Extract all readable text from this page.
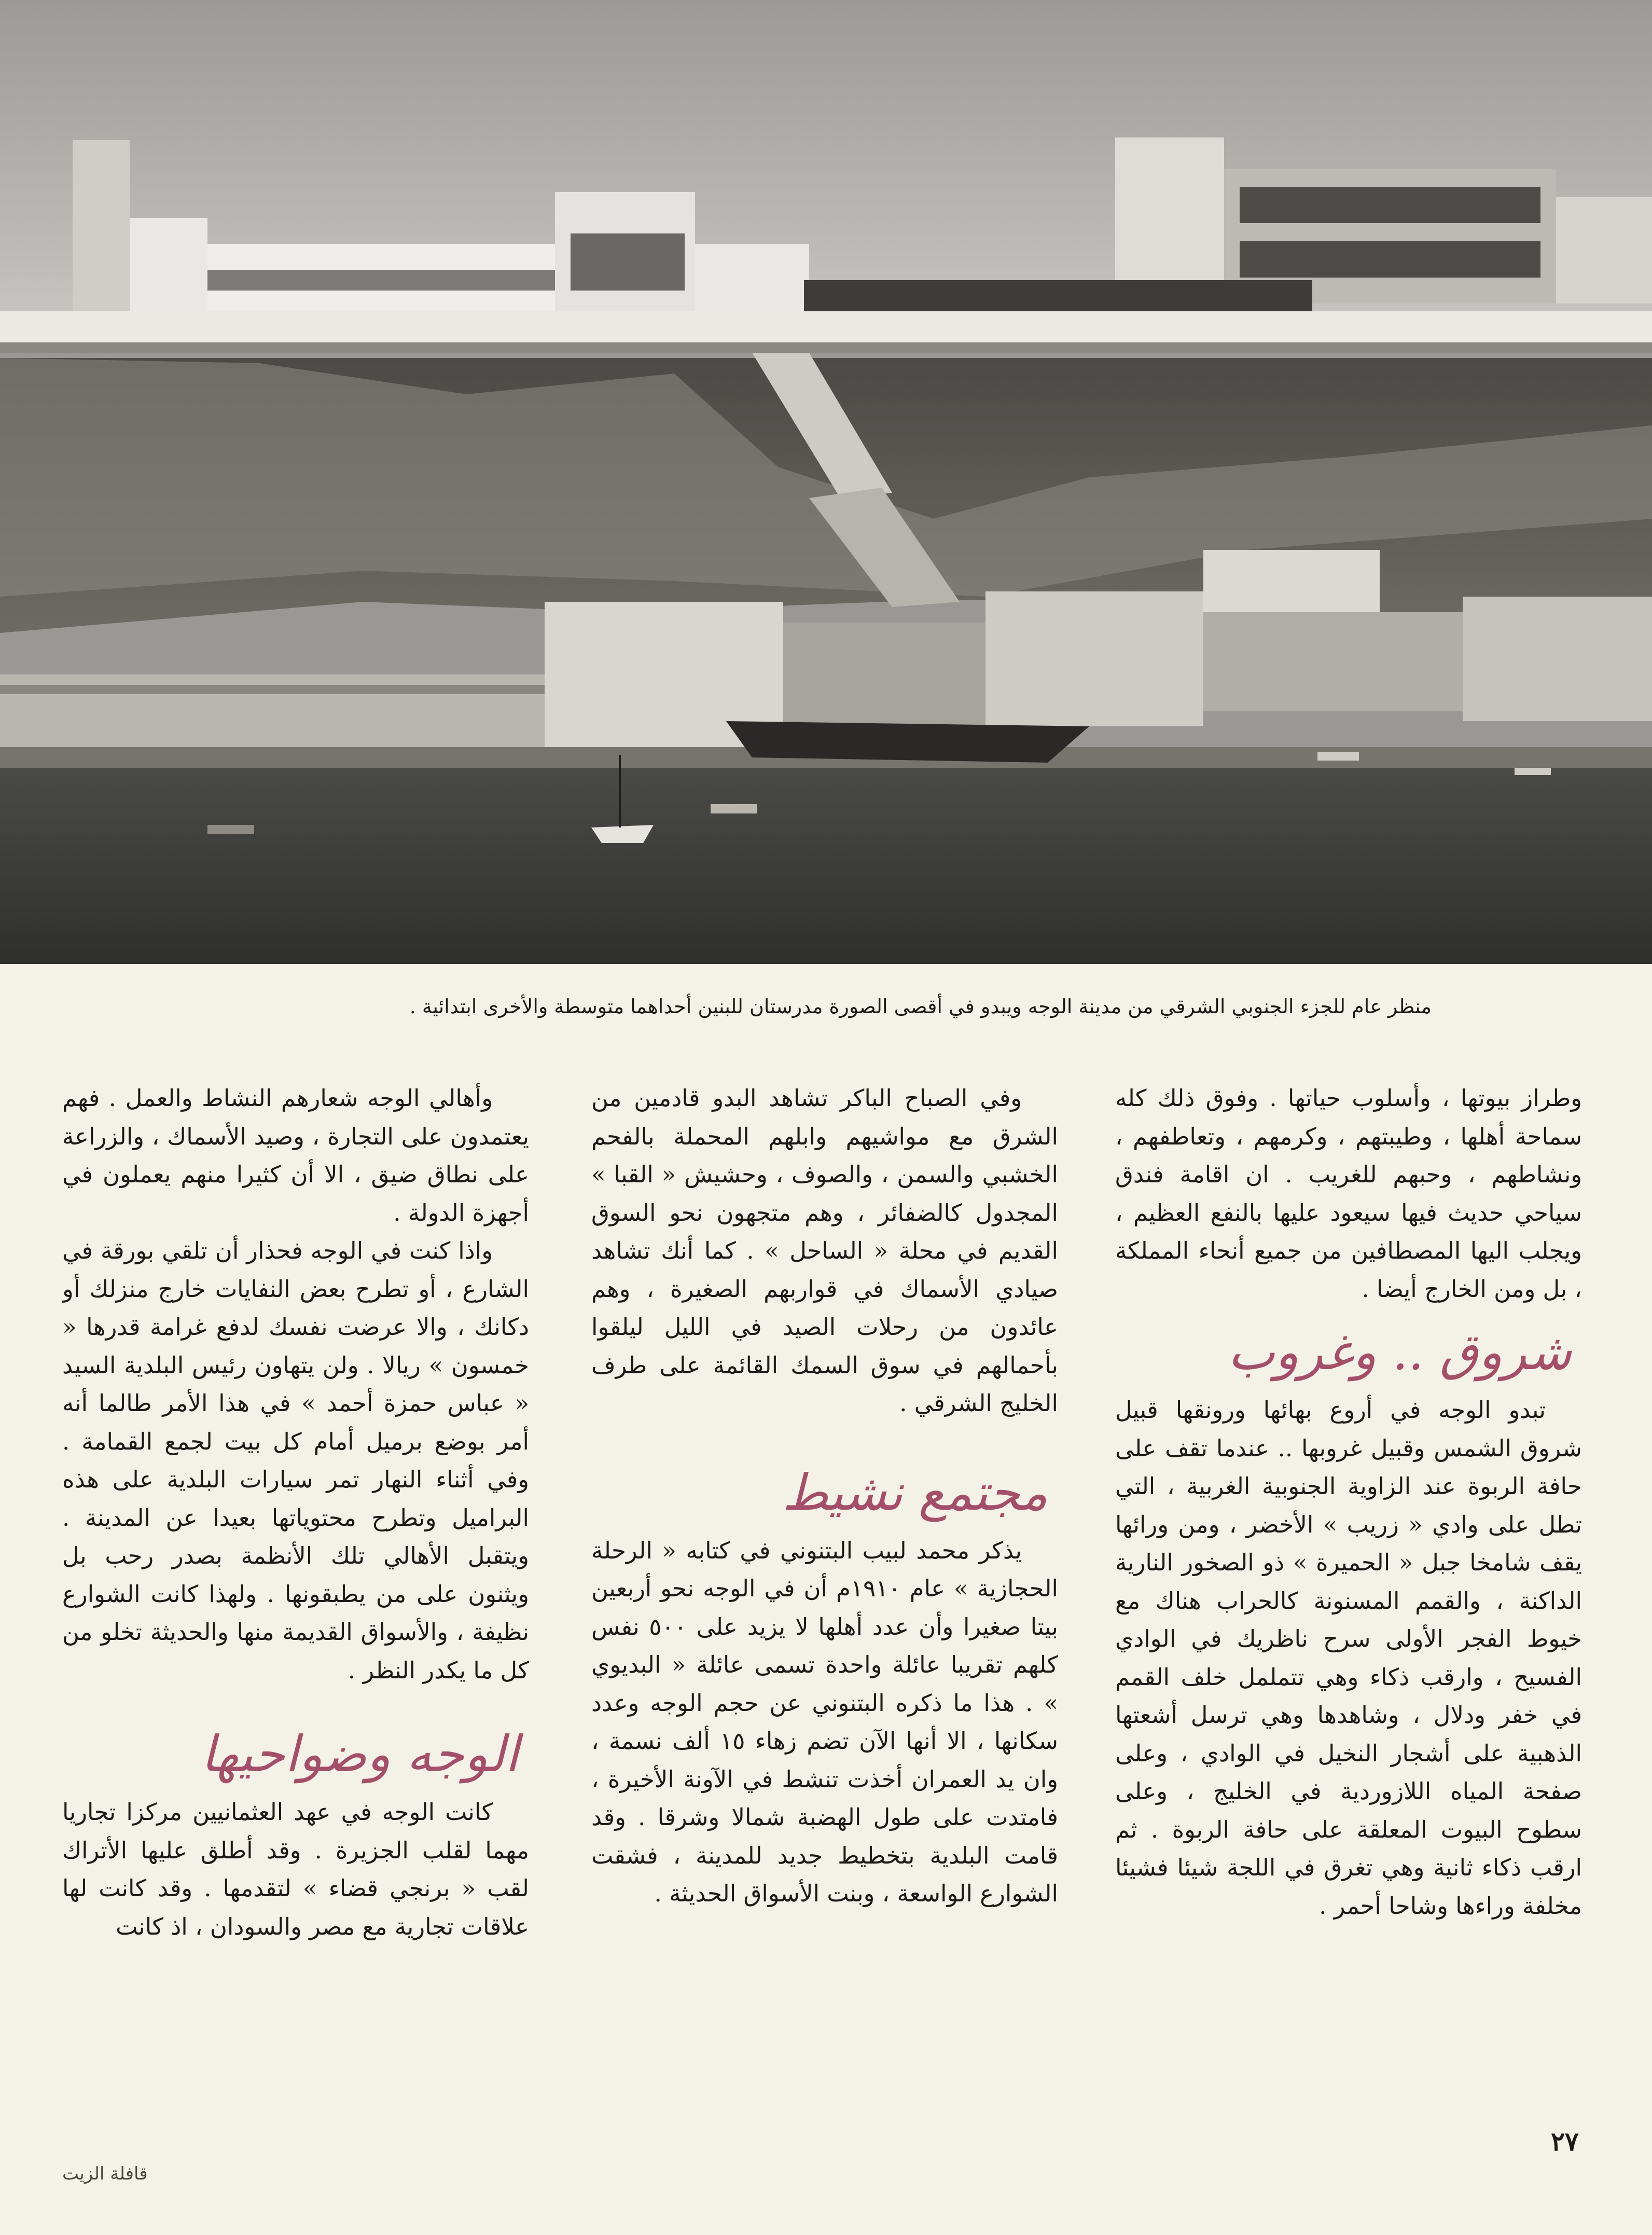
منظر عام للجزء الجنوبي الشرقي من مدينة الوجه ويبدو في أقصى الصورة مدرستان للبنين أحداهما متوسطة والأخرى ابتدائية .

وطراز بيوتها ، وأسلوب حياتها . وفوق ذلك كله سماحة أهلها ، وطيبتهم ، وكرمهم ، وتعاطفهم ، ونشاطهم ، وحبهم للغريب . ان اقامة فندق سياحي حديث فيها سيعود عليها بالنفع العظيم ، ويجلب اليها المصطافين من جميع أنحاء المملكة ، بل ومن الخارج أيضا .

شروق .. وغروب

تبدو الوجه في أروع بهائها ورونقها قبيل شروق الشمس وقبيل غروبها .. عندما تقف على حافة الربوة عند الزاوية الجنوبية الغربية ، التي تطل على وادي « زريب » الأخضر ، ومن ورائها يقف شامخا جبل « الحميرة » ذو الصخور النارية الداكنة ، والقمم المسنونة كالحراب هناك مع خيوط الفجر الأولى سرح ناظريك في الوادي الفسيح ، وارقب ذكاء وهي تتململ خلف القمم في خفر ودلال ، وشاهدها وهي ترسل أشعتها الذهبية على أشجار النخيل في الوادي ، وعلى صفحة المياه اللازوردية في الخليج ، وعلى سطوح البيوت المعلقة على حافة الربوة . ثم ارقب ذكاء ثانية وهي تغرق في اللجة شيئا فشيئا مخلفة وراءها وشاحا أحمر .

وفي الصباح الباكر تشاهد البدو قادمين من الشرق مع مواشيهم وابلهم المحملة بالفحم الخشبي والسمن ، والصوف ، وحشيش « القبا » المجدول كالضفائر ، وهم متجهون نحو السوق القديم في محلة « الساحل » . كما أنك تشاهد صيادي الأسماك في قواربهم الصغيرة ، وهم عائدون من رحلات الصيد في الليل ليلقوا بأحمالهم في سوق السمك القائمة على طرف الخليج الشرقي .

مجتمع نشيط

يذكر محمد لبيب البتنوني في كتابه « الرحلة الحجازية » عام ١٩١٠م أن في الوجه نحو أربعين بيتا صغيرا وأن عدد أهلها لا يزيد على ٥٠٠ نفس كلهم تقريبا عائلة واحدة تسمى عائلة « البديوي » . هذا ما ذكره البتنوني عن حجم الوجه وعدد سكانها ، الا أنها الآن تضم زهاء ١٥ ألف نسمة ، وان يد العمران أخذت تنشط في الآونة الأخيرة ، فامتدت على طول الهضبة شمالا وشرقا . وقد قامت البلدية بتخطيط جديد للمدينة ، فشقت الشوارع الواسعة ، وبنت الأسواق الحديثة .

وأهالي الوجه شعارهم النشاط والعمل . فهم يعتمدون على التجارة ، وصيد الأسماك ، والزراعة على نطاق ضيق ، الا أن كثيرا منهم يعملون في أجهزة الدولة .

واذا كنت في الوجه فحذار أن تلقي بورقة في الشارع ، أو تطرح بعض النفايات خارج منزلك أو دكانك ، والا عرضت نفسك لدفع غرامة قدرها « خمسون » ريالا . ولن يتهاون رئيس البلدية السيد « عباس حمزة أحمد » في هذا الأمر طالما أنه أمر بوضع برميل أمام كل بيت لجمع القمامة . وفي أثناء النهار تمر سيارات البلدية على هذه البراميل وتطرح محتوياتها بعيدا عن المدينة . ويتقبل الأهالي تلك الأنظمة بصدر رحب بل ويثنون على من يطبقونها . ولهذا كانت الشوارع نظيفة ، والأسواق القديمة منها والحديثة تخلو من كل ما يكدر النظر .

الوجه وضواحيها

كانت الوجه في عهد العثمانيين مركزا تجاريا مهما لقلب الجزيرة . وقد أطلق عليها الأتراك لقب « برنجي قضاء » لتقدمها . وقد كانت لها علاقات تجارية مع مصر والسودان ، اذ كانت

٢٧
قافلة الزيت
